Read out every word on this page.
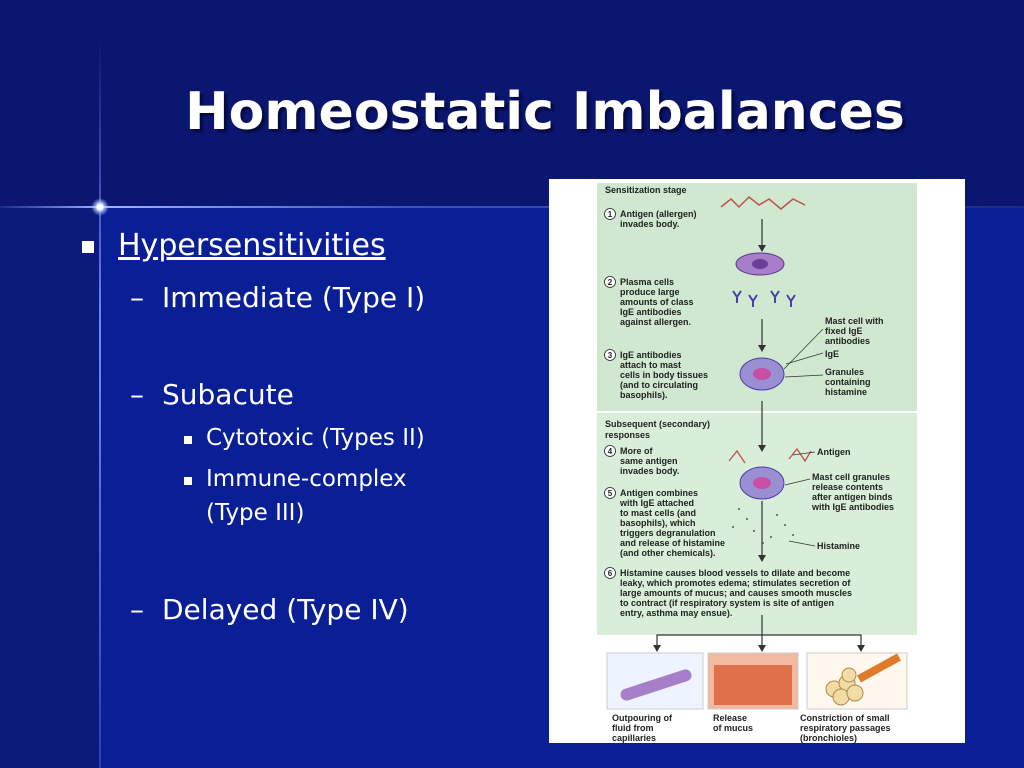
Homeostatic Imbalances
Hypersensitivities
– Immediate (Type I)
– Subacute
Cytotoxic (Types II)
Immune-complex
(Type III)
– Delayed (Type IV)
Sensitization stage
Subsequent (secondary)
responses
1
2
3
4
5
6
Antigen (allergen)
invades body.
Plasma cells
produce large
amounts of class
IgE antibodies
against allergen.
IgE antibodies
attach to mast
cells in body tissues
(and to circulating
basophils).
Mast cell with
fixed IgE
antibodies
IgE
Granules
containing
histamine
More of
same antigen
invades body.
Antigen
Mast cell granules
release contents
after antigen binds
with IgE antibodies
Antigen combines
with IgE attached
to mast cells (and
basophils), which
triggers degranulation
and release of histamine
(and other chemicals).
Histamine
Histamine causes blood vessels to dilate and become
leaky, which promotes edema; stimulates secretion of
large amounts of mucus; and causes smooth muscles
to contract (if respiratory system is site of antigen
entry, asthma may ensue).
Outpouring of
fluid from
capillaries
Release
of mucus
Constriction of small
respiratory passages
(bronchioles)
